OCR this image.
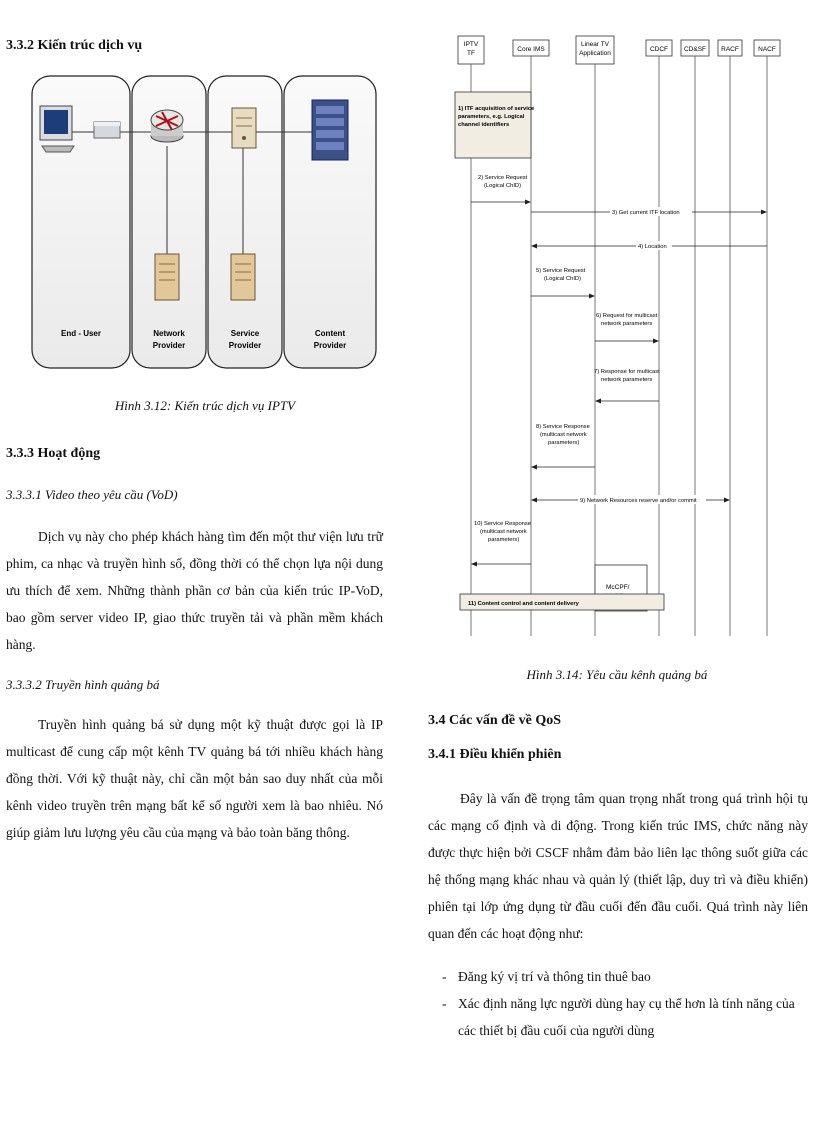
3.3.2 Kiến trúc dịch vụ
End - User	Network Provider
Service Provider
Content Provider
Hình 3.12: Kiến trúc dịch vụ IPTV
3.3.3 Hoạt động
3.3.3.1 Video theo yêu cầu (VoD)
Dịch vụ này cho phép khách hàng tìm đến một thư viện lưu trữ phim, ca nhạc và truyền hình số, đồng thời có thể chọn lựa nội dung ưu thích để xem. Những thành phần cơ bản của kiến trúc IP-VoD, bao gồm server video IP, giao thức truyền tải và phần mềm khách hàng.
3.3.3.2 Truyền hình quảng bá
Truyền hình quảng bá sử dụng một kỹ thuật được gọi là IP multicast để cung cấp một kênh TV quảng bá tới nhiều khách hàng đồng thời. Với kỹ thuật này, chỉ cần một bản sao duy nhất của mỗi kênh video truyền trên mạng bất kể số người xem là bao nhiêu. Nó giúp giảm lưu lượng yêu cầu của mạng và bảo toàn băng thông.
IPTV TF
Core IMS
Linear TV Application
CDCF CD&SF RACF	NACF
1) ITF acquisition of service parameters, e.g. Logical channel identifiers
2) Service Request (Logical ChID)
3) Get current ITF location
4) Location
5) Service Request (Logical ChID)
6) Request for multicast network parameters
7) Response for multicast network parameters
8) Service Response (multicast network parameters)
9) Network Resources reserve and/or commit
10) Service Response (multicast network parameters)
McCPF/
11) Content control and content delivery
Hình 3.14: Yêu cầu kênh quảng bá
3.4 Các vấn đề về QoS
3.4.1 Điều khiển phiên
Đây là vấn đề trọng tâm quan trọng nhất trong quá trình hội tụ các mạng cố định và di động. Trong kiến trúc IMS, chức năng này được thực hiện bởi CSCF nhằm đảm bảo liên lạc thông suốt giữa các hệ thống mạng khác nhau và quản lý (thiết lập, duy trì và điều khiển) phiên tại lớp ứng dụng từ đầu cuối đến đầu cuối. Quá trình này liên quan đến các hoạt động như:
- Đăng ký vị trí và thông tin thuê bao
- Xác định năng lực người dùng hay cụ thể hơn là tính năng của các thiết bị đầu cuối của người dùng
